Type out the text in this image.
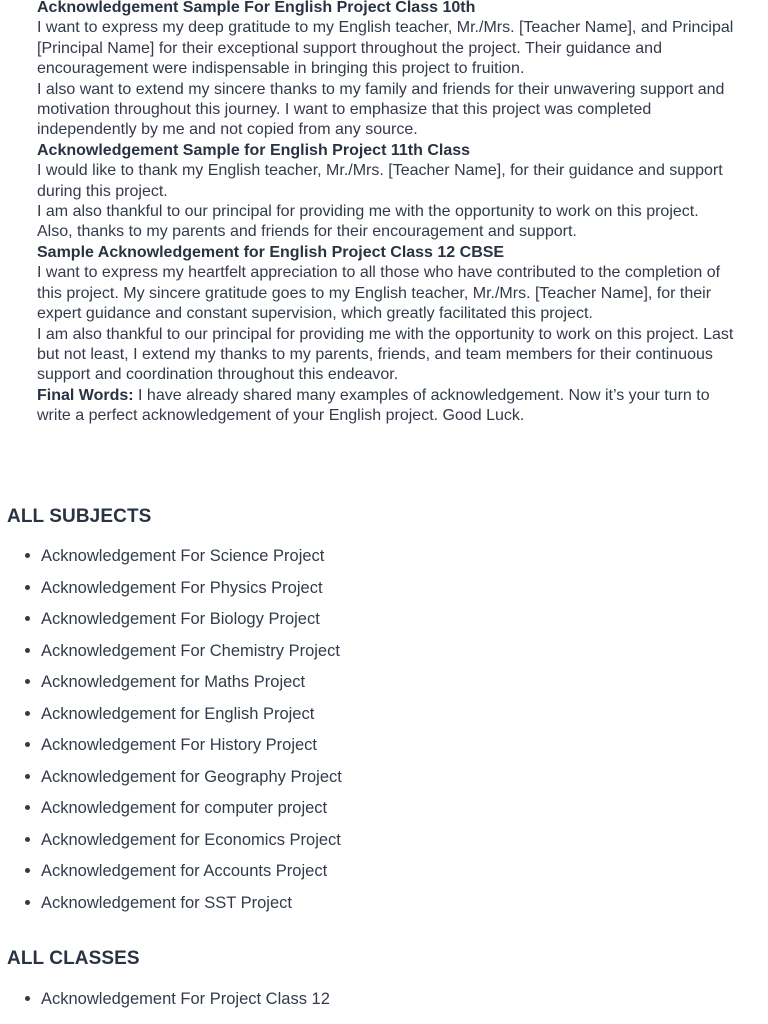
Acknowledgement Sample For English Project Class 10th

I want to express my deep gratitude to my English teacher, Mr./Mrs. [Teacher Name], and Principal [Principal Name] for their exceptional support throughout the project. Their guidance and encouragement were indispensable in bringing this project to fruition.

I also want to extend my sincere thanks to my family and friends for their unwavering support and motivation throughout this journey. I want to emphasize that this project was completed independently by me and not copied from any source.

Acknowledgement Sample for English Project 11th Class

I would like to thank my English teacher, Mr./Mrs. [Teacher Name], for their guidance and support during this project.

I am also thankful to our principal for providing me with the opportunity to work on this project. Also, thanks to my parents and friends for their encouragement and support.

Sample Acknowledgement for English Project Class 12 CBSE

I want to express my heartfelt appreciation to all those who have contributed to the completion of this project. My sincere gratitude goes to my English teacher, Mr./Mrs. [Teacher Name], for their expert guidance and constant supervision, which greatly facilitated this project.

I am also thankful to our principal for providing me with the opportunity to work on this project. Last but not least, I extend my thanks to my parents, friends, and team members for their continuous support and coordination throughout this endeavor.

Final Words: I have already shared many examples of acknowledgement. Now it’s your turn to write a perfect acknowledgement of your English project. Good Luck.

ALL SUBJECTS
Acknowledgement For Science Project
Acknowledgement For Physics Project
Acknowledgement For Biology Project
Acknowledgement For Chemistry Project
Acknowledgement for Maths Project
Acknowledgement for English Project
Acknowledgement For History Project
Acknowledgement for Geography Project
Acknowledgement for computer project
Acknowledgement for Economics Project
Acknowledgement for Accounts Project
Acknowledgement for SST Project
ALL CLASSES
Acknowledgement For Project Class 12
